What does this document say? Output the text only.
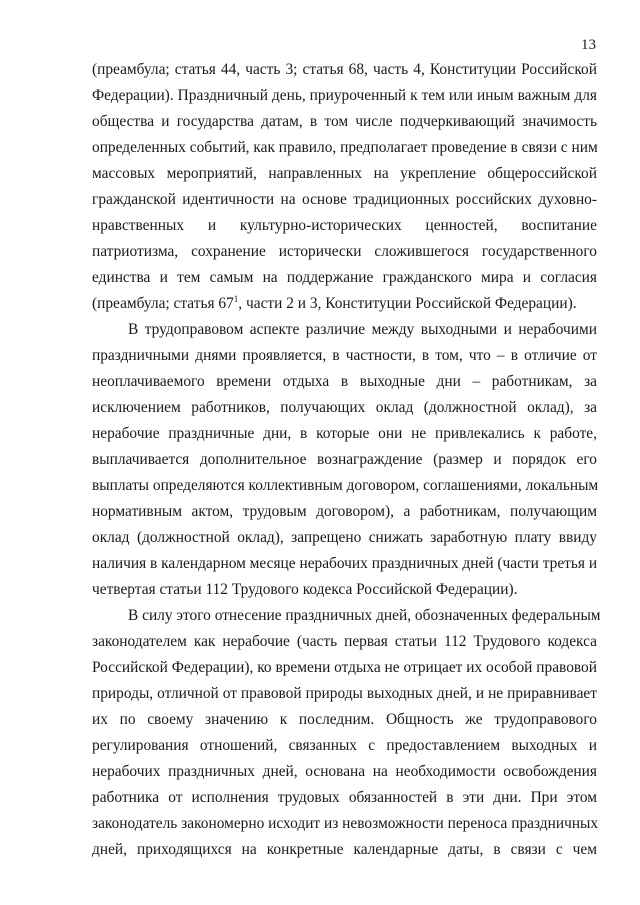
13
(преамбула; статья 44, часть 3; статья 68, часть 4, Конституции Российской
Федерации). Праздничный день, приуроченный к тем или иным важным для
общества и государства датам, в том числе подчеркивающий значимость
определенных событий, как правило, предполагает проведение в связи с ним
массовых мероприятий, направленных на укрепление общероссийской
гражданской идентичности на основе традиционных российских духовно-
нравственных и культурно-исторических ценностей, воспитание
патриотизма, сохранение исторически сложившегося государственного
единства и тем самым на поддержание гражданского мира и согласия
(преамбула; статья $67^1$, части 2 и 3, Конституции Российской Федерации).
В трудоправовом аспекте различие между выходными и нерабочими
праздничными днями проявляется, в частности, в том, что – в отличие от
неоплачиваемого времени отдыха в выходные дни – работникам, за
исключением работников, получающих оклад (должностной оклад), за
нерабочие праздничные дни, в которые они не привлекались к работе,
выплачивается дополнительное вознаграждение (размер и порядок его
выплаты определяются коллективным договором, соглашениями, локальным
нормативным актом, трудовым договором), а работникам, получающим
оклад (должностной оклад), запрещено снижать заработную плату ввиду
наличия в календарном месяце нерабочих праздничных дней (части третья и
четвертая статьи 112 Трудового кодекса Российской Федерации).
В силу этого отнесение праздничных дней, обозначенных федеральным
законодателем как нерабочие (часть первая статьи 112 Трудового кодекса
Российской Федерации), ко времени отдыха не отрицает их особой правовой
природы, отличной от правовой природы выходных дней, и не приравнивает
их по своему значению к последним. Общность же трудоправового
регулирования отношений, связанных с предоставлением выходных и
нерабочих праздничных дней, основана на необходимости освобождения
работника от исполнения трудовых обязанностей в эти дни. При этом
законодатель закономерно исходит из невозможности переноса праздничных
дней, приходящихся на конкретные календарные даты, в связи с чем
